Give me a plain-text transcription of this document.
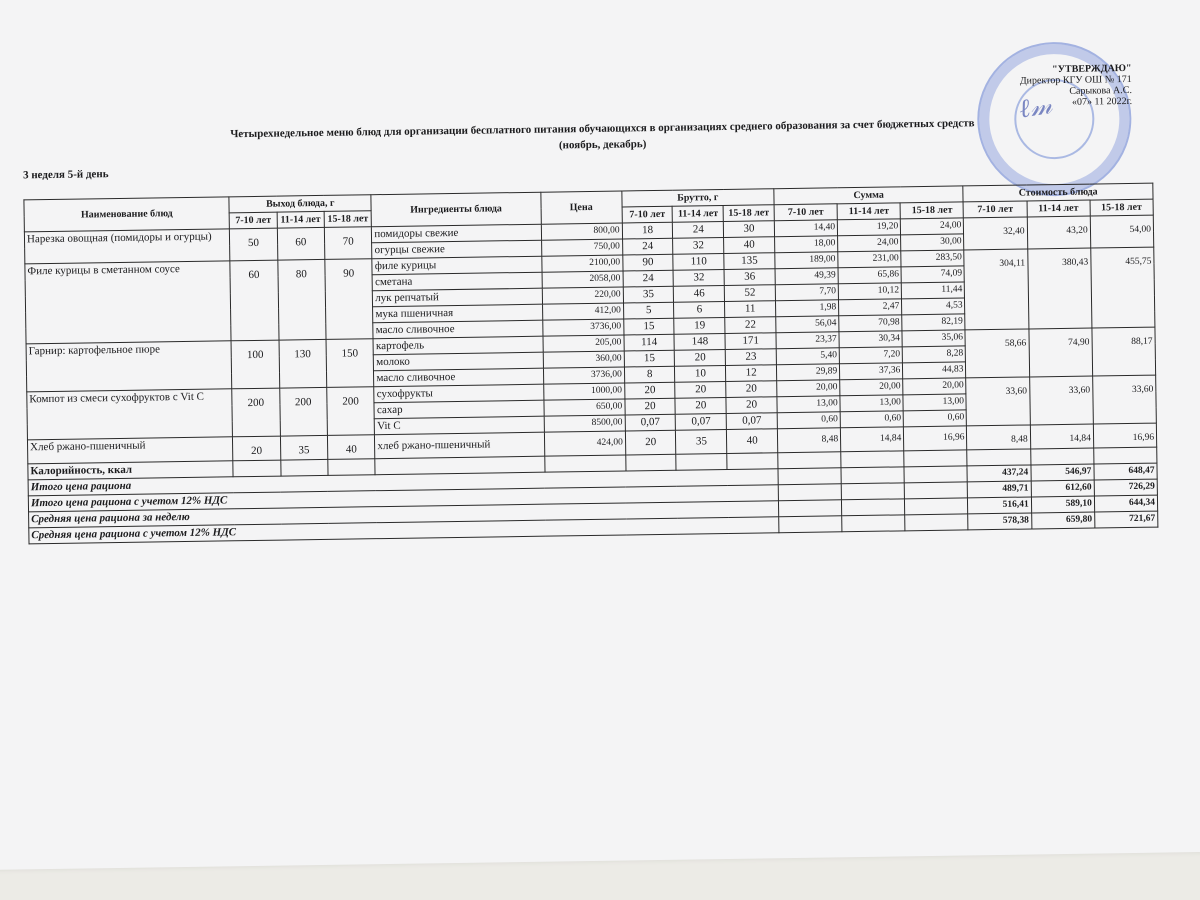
ℓ𝓂
"УТВЕРЖДАЮ"
Директор КГУ ОШ № 171
Сарыкова А.С.
«07» 11 2022г.
Четырехнедельное меню блюд для организации бесплатного питания обучающихся в организациях среднего образования за счет бюджетных средств
(ноябрь, декабрь)
3 неделя 5-й день
Наименование блюд	Выход блюда, г			Ингредиенты блюда	Цена	Брутто, г			Сумма			Стоимость блюда		

	7-10 лет	11-14 лет	15-18 лет			7-10 лет	11-14 лет	15-18 лет	7-10 лет	11-14 лет	15-18 лет	7-10 лет	11-14 лет	15-18 лет
Нарезка овощная (помидоры и огурцы)	50	60	70	помидоры свежие	800,00	18	24	30	14,40	19,20	24,00	32,40	43,20	54,00
				огурцы свежие	750,00	24	32	40	18,00	24,00	30,00			
Филе курицы в сметанном соусе	60	80	90	филе курицы	2100,00	90	110	135	189,00	231,00	283,50	304,11	380,43	455,75
				сметана	2058,00	24	32	36	49,39	65,86	74,09			
				лук репчатый	220,00	35	46	52	7,70	10,12	11,44			
				мука пшеничная	412,00	5	6	11	1,98	2,47	4,53			
				масло сливочное	3736,00	15	19	22	56,04	70,98	82,19			
Гарнир: картофельное пюре	100	130	150	картофель	205,00	114	148	171	23,37	30,34	35,06	58,66	74,90	88,17
				молоко	360,00	15	20	23	5,40	7,20	8,28			
				масло сливочное	3736,00	8	10	12	29,89	37,36	44,83			
Компот из смеси сухофруктов с Vit C	200	200	200	сухофрукты	1000,00	20	20	20	20,00	20,00	20,00	33,60	33,60	33,60
				сахар	650,00	20	20	20	13,00	13,00	13,00			
				Vit C	8500,00	0,07	0,07	0,07	0,60	0,60	0,60			
Хлеб ржано-пшеничный	20	35	40	хлеб ржано-пшеничный	424,00	20	35	40	8,48	14,84	16,96	8,48	14,84	16,96
Калорийность, ккал														
Итого цена рациона												437,24	546,97	648,47
Итого цена рациона с учетом 12% НДС												489,71	612,60	726,29
Средняя цена рациона за неделю												516,41	589,10	644,34
Средняя цена рациона с учетом 12% НДС												578,38	659,80	721,67
